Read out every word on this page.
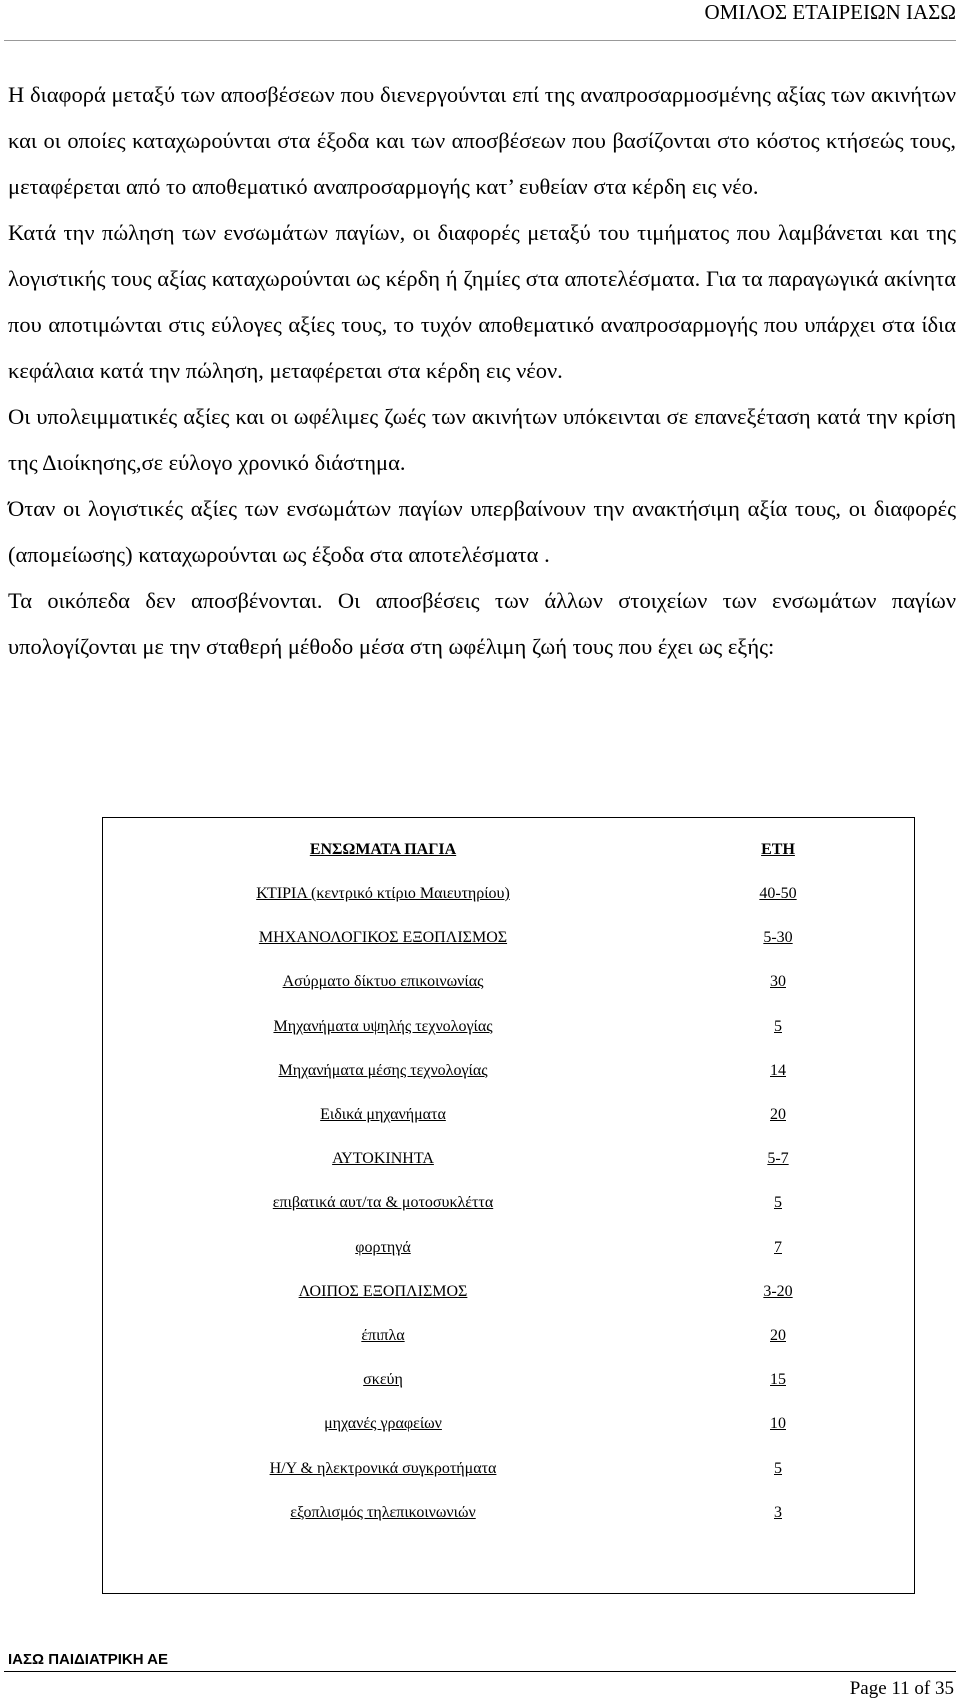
ΟΜΙΛΟΣ ΕΤΑΙΡΕΙΩΝ ΙΑΣΩ

Η διαφορά μεταξύ των αποσβέσεων που διενεργούνται επί της αναπροσαρμοσμένης αξίας των ακινήτων και οι οποίες καταχωρούνται στα έξοδα και των αποσβέσεων που βασίζονται στο κόστος κτήσεώς τους, μεταφέρεται από το αποθεματικό αναπροσαρμογής κατ’ ευθείαν στα κέρδη εις νέο.

Κατά την πώληση των ενσωμάτων παγίων, οι διαφορές μεταξύ του τιμήματος που λαμβάνεται και της λογιστικής τους αξίας καταχωρούνται ως κέρδη ή ζημίες στα αποτελέσματα. Για τα παραγωγικά ακίνητα που αποτιμώνται στις εύλογες αξίες τους, το τυχόν αποθεματικό αναπροσαρμογής που υπάρχει στα ίδια κεφάλαια κατά την πώληση, μεταφέρεται στα κέρδη εις νέον.

Οι υπολειμματικές αξίες και οι ωφέλιμες ζωές των ακινήτων υπόκεινται σε επανεξέταση κατά την κρίση της Διοίκησης,σε εύλογο χρονικό διάστημα.

Όταν οι λογιστικές αξίες των ενσωμάτων παγίων υπερβαίνουν την ανακτήσιμη αξία τους, οι διαφορές (απομείωσης) καταχωρούνται ως έξοδα στα αποτελέσματα .

Τα οικόπεδα δεν αποσβένονται. Οι αποσβέσεις των άλλων στοιχείων των ενσωμάτων παγίων υπολογίζονται με την σταθερή μέθοδο μέσα στη ωφέλιμη ζωή τους που έχει ως εξής:

ΕΝΣΩΜΑΤΑ ΠΑΓΙΑ	ΕΤΗ
ΚΤΙΡΙΑ (κεντρικό κτίριο Μαιευτηρίου)	40-50
ΜΗΧΑΝΟΛΟΓΙΚΟΣ ΕΞΟΠΛΙΣΜΟΣ	5-30
Ασύρματο δίκτυο επικοινωνίας	30
Μηχανήματα υψηλής τεχνολογίας	5
Μηχανήματα μέσης τεχνολογίας	14
Ειδικά μηχανήματα	20
ΑΥΤΟΚΙΝΗΤΑ	5-7
επιβατικά αυτ/τα & μοτοσυκλέττα	5
φορτηγά	7
ΛΟΙΠΟΣ ΕΞΟΠΛΙΣΜΟΣ	3-20
έπιπλα	20
σκεύη	15
μηχανές γραφείων	10
Η/Υ & ηλεκτρονικά συγκροτήματα	5
εξοπλισμός τηλεπικοινωνιών	3
ΙΑΣΩ ΠΑΙΔΙΑΤΡΙΚΗ ΑΕ
Page 11 of 35
